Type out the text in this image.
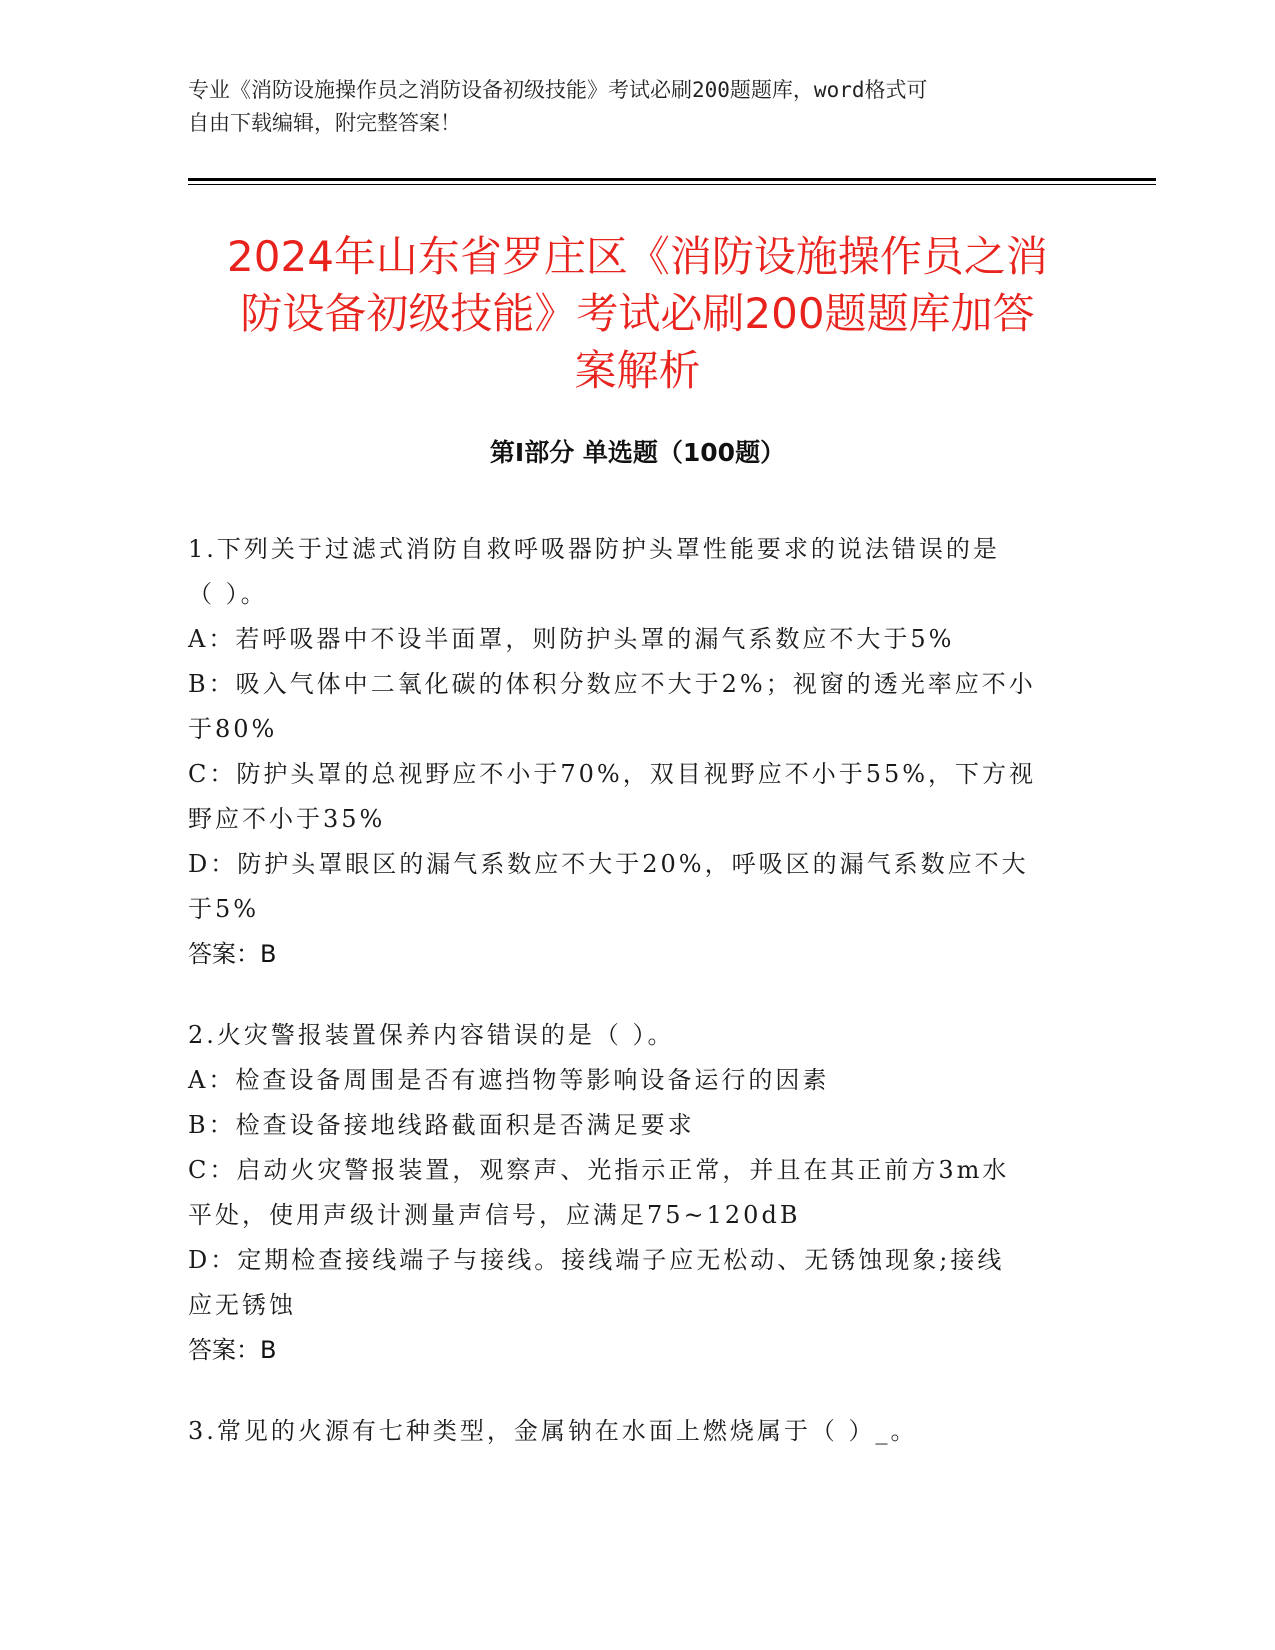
专业《消防设施操作员之消防设备初级技能》考试必刷200题题库，word格式可
自由下载编辑，附完整答案！
2024年山东省罗庄区《消防设施操作员之消
防设备初级技能》考试必刷200题题库加答
案解析
第Ⅰ部分 单选题（100题）
1.下列关于过滤式消防自救呼吸器防护头罩性能要求的说法错误的是
（ ）。
A：若呼吸器中不设半面罩，则防护头罩的漏气系数应不大于5%
B：吸入气体中二氧化碳的体积分数应不大于2%；视窗的透光率应不小
于80%
C：防护头罩的总视野应不小于70%，双目视野应不小于55%，下方视
野应不小于35%
D：防护头罩眼区的漏气系数应不大于20%，呼吸区的漏气系数应不大
于5%
答案：B
2.火灾警报装置保养内容错误的是（ ）。
A：检查设备周围是否有遮挡物等影响设备运行的因素
B：检查设备接地线路截面积是否满足要求
C：启动火灾警报装置，观察声、光指示正常，并且在其正前方3m水
平处，使用声级计测量声信号，应满足75~120dB
D：定期检查接线端子与接线。接线端子应无松动、无锈蚀现象;接线
应无锈蚀
答案：B
3.常见的火源有七种类型，金属钠在水面上燃烧属于（ ）_。
